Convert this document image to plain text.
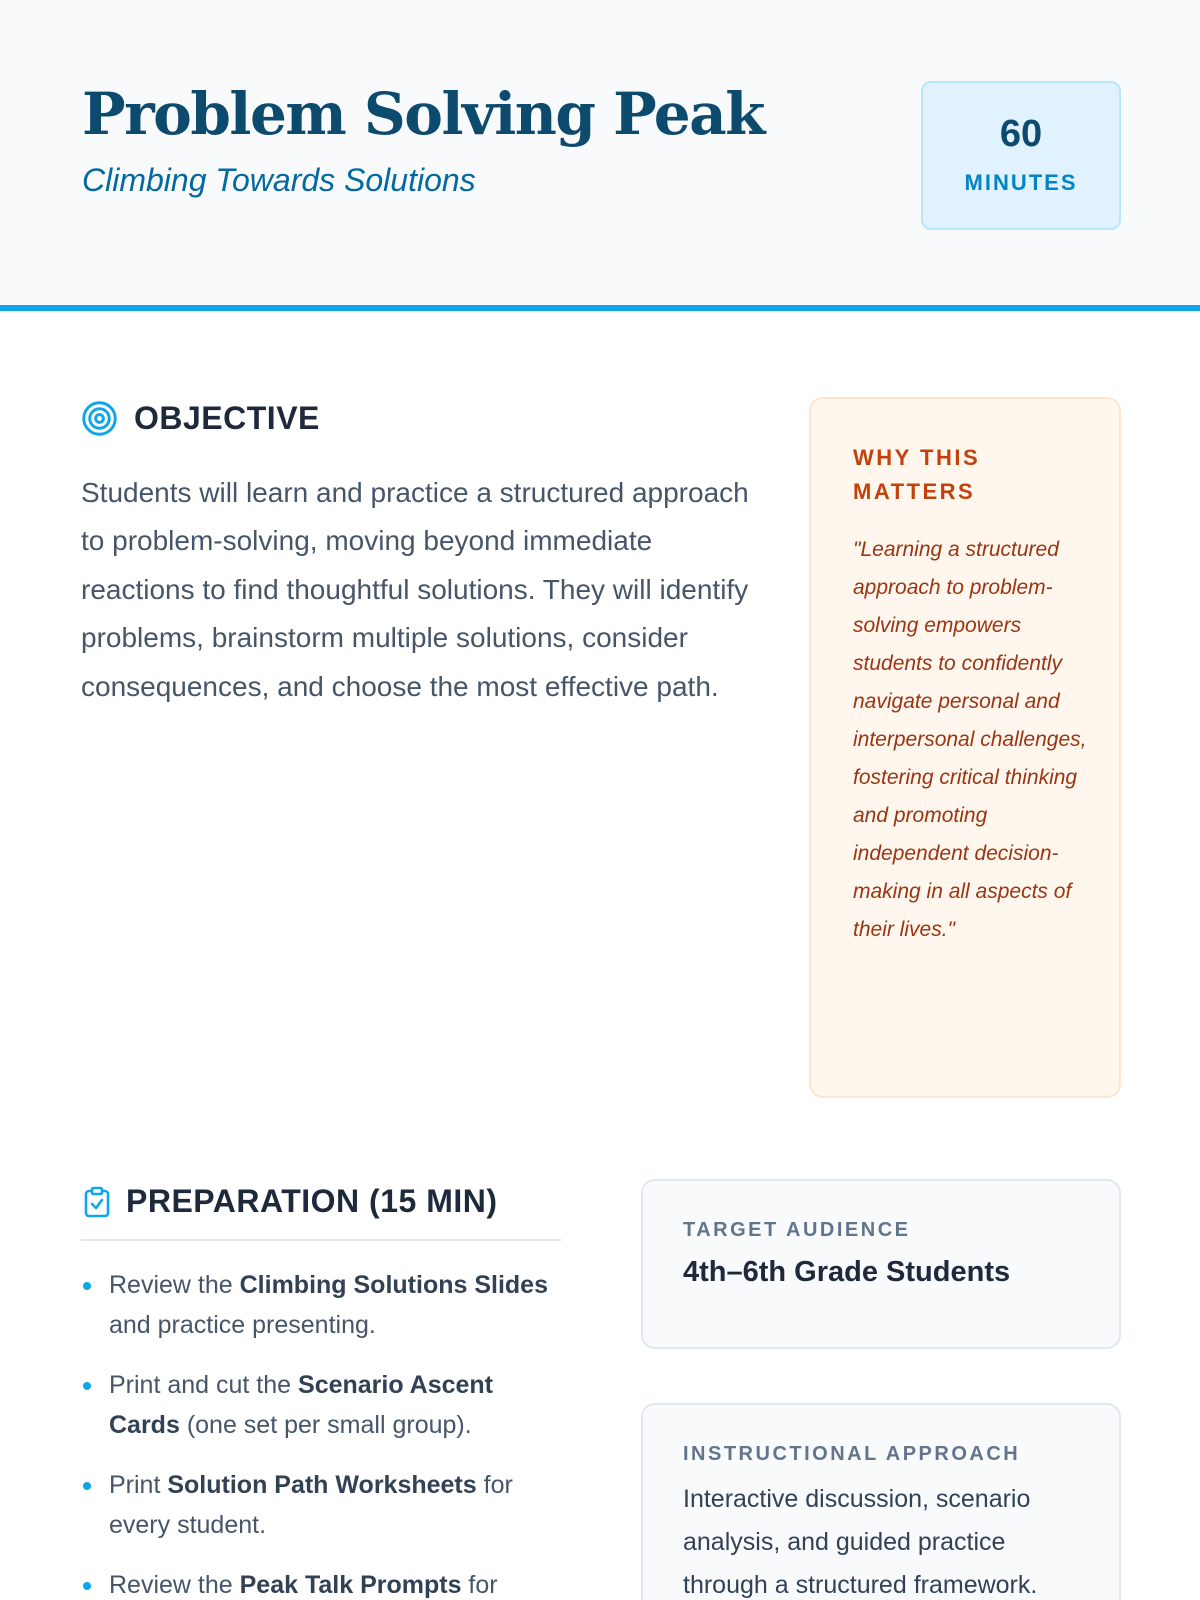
Problem Solving Peak
Climbing Towards Solutions
60
MINUTES
OBJECTIVE

Students will learn and practice a structured approach to problem-solving, moving beyond immediate reactions to find thoughtful solutions. They will identify problems, brainstorm multiple solutions, consider consequences, and choose the most effective path.

WHY THIS MATTERS

"Learning a structured approach to problem-solving empowers students to confidently navigate personal and interpersonal challenges, fostering critical thinking and promoting independent decision-making in all aspects of their lives."

PREPARATION (15 MIN)
Review the Climbing Solutions Slides and practice presenting.
Print and cut the Scenario Ascent Cards (one set per small group).
Print Solution Path Worksheets for every student.
Review the Peak Talk Prompts for
TARGET AUDIENCE
4th–6th Grade Students
INSTRUCTIONAL APPROACH

Interactive discussion, scenario analysis, and guided practice through a structured framework.
